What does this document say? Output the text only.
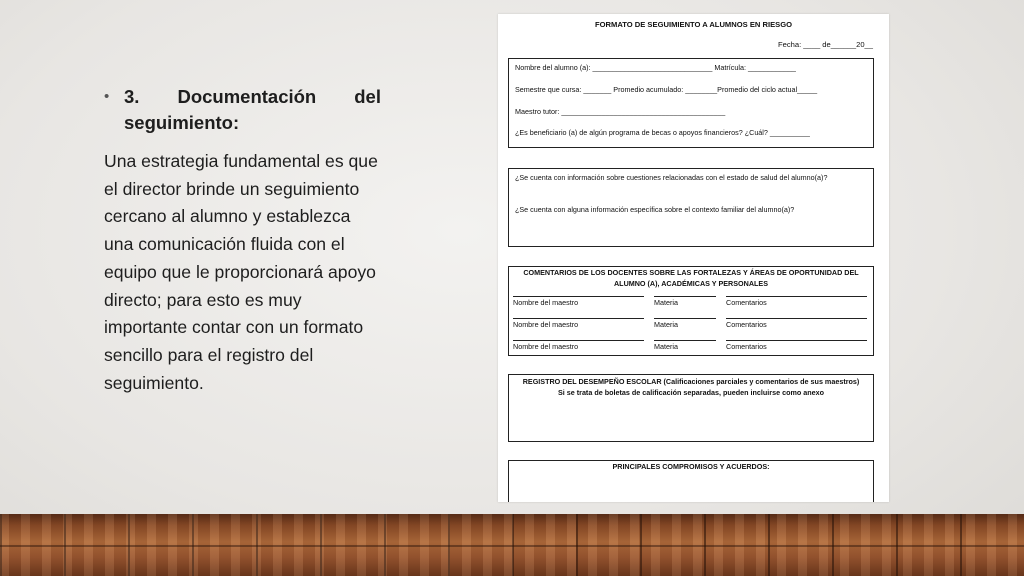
• 3. Documentación del
seguimiento:
Una estrategia fundamental es que el director brinde un seguimiento cercano al alumno y establezca una comunicación fluida con el equipo que le proporcionará apoyo directo; para esto es muy importante contar con un formato sencillo para el registro del seguimiento.
FORMATO DE SEGUIMIENTO A ALUMNOS EN RIESGO
Fecha: ____ de______20__
Nombre del alumno (a): ______________________________ Matrícula: ____________
Semestre que cursa: _______ Promedio acumulado: ________Promedio del ciclo actual_____
Maestro tutor: _________________________________________
¿Es beneficiario (a) de algún programa de becas o apoyos financieros? ¿Cuál? __________
¿Se cuenta con información sobre cuestiones relacionadas con el estado de salud del alumno(a)?
¿Se cuenta con alguna información específica sobre el contexto familiar del alumno(a)?
COMENTARIOS DE LOS DOCENTES SOBRE LAS FORTALEZAS Y ÁREAS DE OPORTUNIDAD DEL
ALUMNO (A), ACADÉMICAS Y PERSONALES
Nombre del maestro	Materia	Comentarios
Nombre del maestro	Materia	Comentarios
Nombre del maestro	Materia	Comentarios
REGISTRO DEL DESEMPEÑO ESCOLAR (Calificaciones parciales y comentarios de sus maestros)
Si se trata de boletas de calificación separadas, pueden incluirse como anexo
PRINCIPALES COMPROMISOS Y ACUERDOS:
